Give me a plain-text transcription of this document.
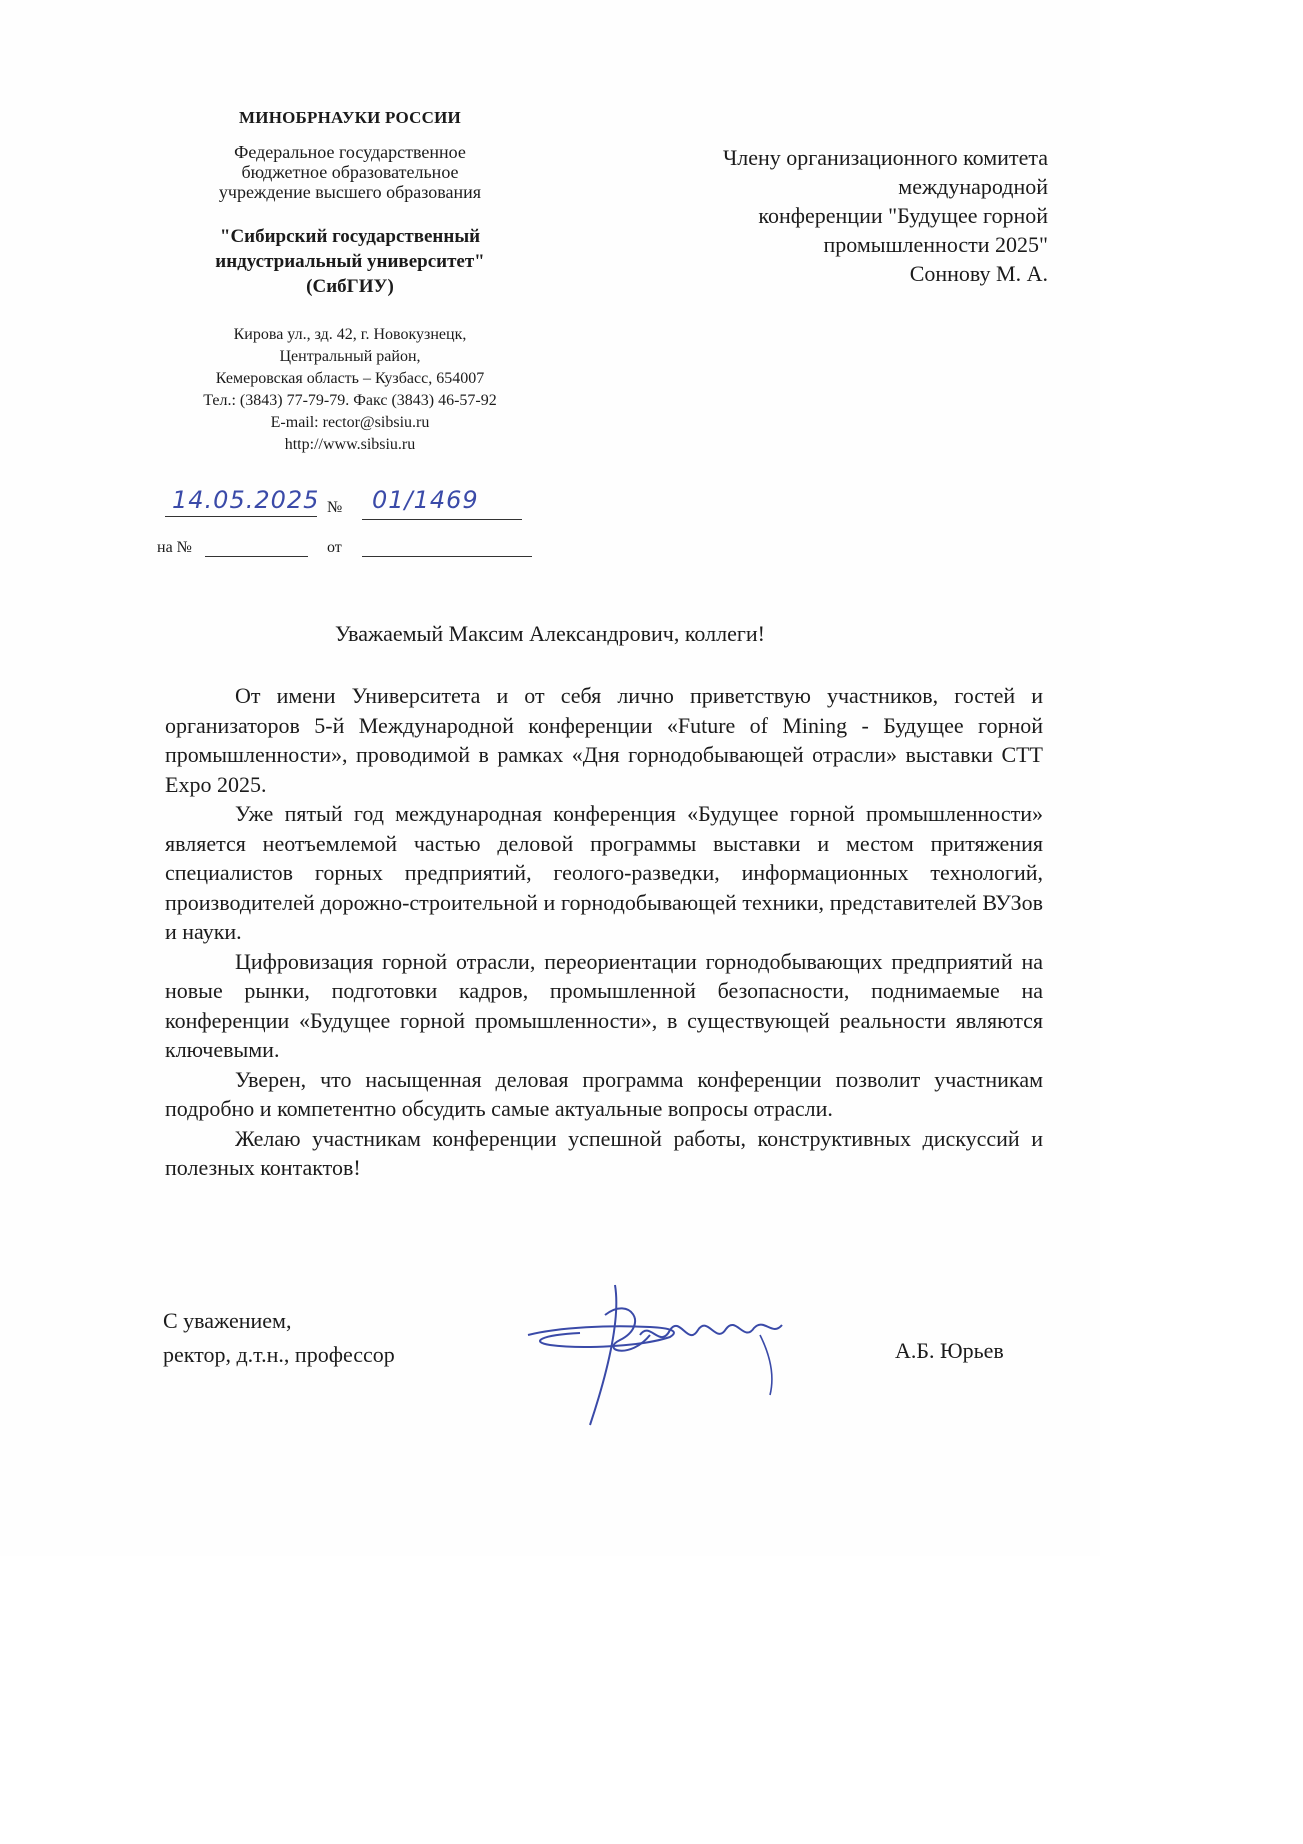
МИНОБРНАУКИ РОССИИ
Федеральное государственное бюджетное образовательное учреждение высшего образования
"Сибирский государственный
индустриальный университет"
(СибГИУ)
Кирова ул., зд. 42, г. Новокузнецк,
Центральный район,
Кемеровская область – Кузбасс, 654007
Тел.: (3843) 77-79-79. Факс (3843) 46-57-92
E-mail: rector@sibsiu.ru
http://www.sibsiu.ru
14.05.2025 № 01/1469
на №	от
Члену организационного комитета
международной
конференции "Будущее горной
промышленности 2025"
Соннову М. А.
Уважаемый Максим Александрович, коллеги!

От имени Университета и от себя лично приветствую участников, гостей и организаторов 5-й Международной конференции «Future of Mining - Будущее горной промышленности», проводимой в рамках «Дня горнодобывающей отрасли» выставки CTT Expo 2025.

Уже пятый год международная конференция «Будущее горной промышленности» является неотъемлемой частью деловой программы выставки и местом притяжения специалистов горных предприятий, геолого-разведки, информационных технологий, производителей дорожно-строительной и горнодобывающей техники, представителей ВУЗов и науки.

Цифровизация горной отрасли, переориентации горнодобывающих предприятий на новые рынки, подготовки кадров, промышленной безопасности, поднимаемые на конференции «Будущее горной промышленности», в существующей реальности являются ключевыми.

Уверен, что насыщенная деловая программа конференции позволит участникам подробно и компетентно обсудить самые актуальные вопросы отрасли.

Желаю участникам конференции успешной работы, конструктивных дискуссий и полезных контактов!

С уважением,
ректор, д.т.н., профессор	А.Б. Юрьев
